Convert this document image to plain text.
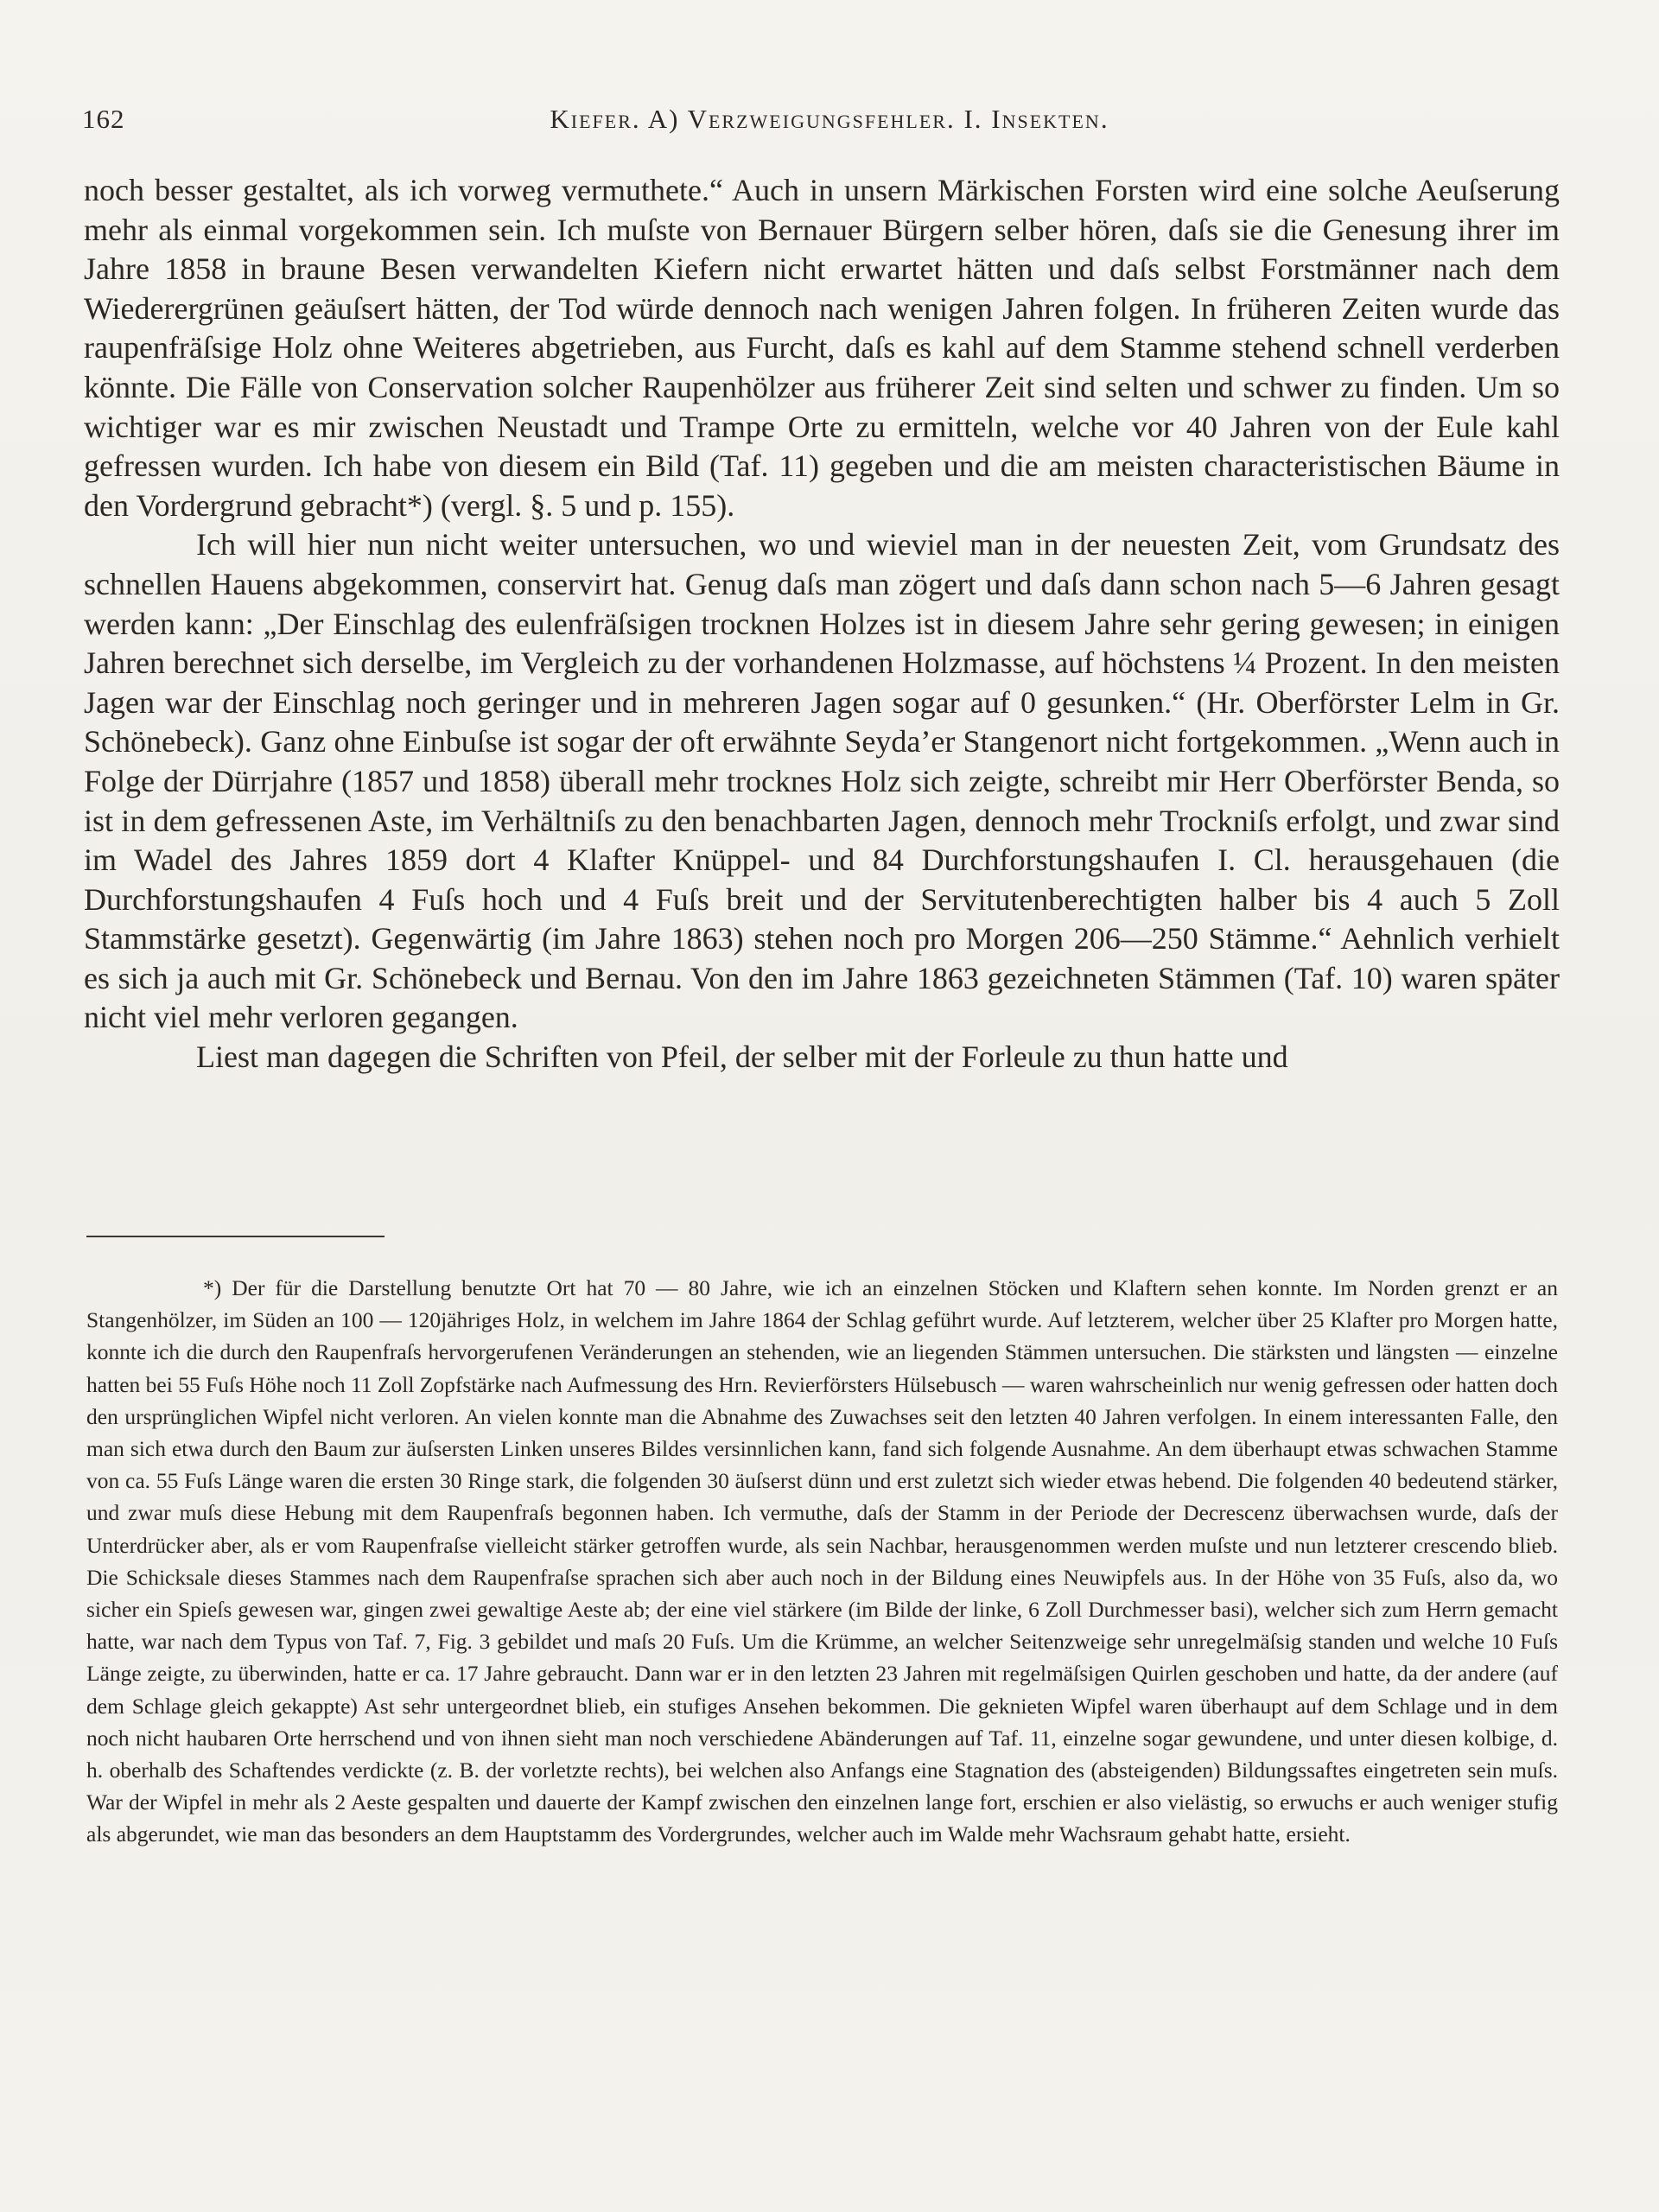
162	Kiefer. A) Verzweigungsfehler. I. Insekten.

noch besser gestaltet, als ich vorweg vermuthete.“ Auch in unsern Märkischen Forsten wird eine solche Aeuſserung mehr als einmal vorgekommen sein. Ich muſste von Bernauer Bürgern selber hören, daſs sie die Genesung ihrer im Jahre 1858 in braune Besen verwandelten Kiefern nicht erwartet hätten und daſs selbst Forstmänner nach dem Wiederergrünen geäuſsert hätten, der Tod würde dennoch nach wenigen Jahren folgen. In früheren Zeiten wurde das raupenfräſsige Holz ohne Weiteres abgetrieben, aus Furcht, daſs es kahl auf dem Stamme stehend schnell verderben könnte. Die Fälle von Conservation solcher Raupenhölzer aus früherer Zeit sind selten und schwer zu finden. Um so wichtiger war es mir zwischen Neustadt und Trampe Orte zu ermitteln, welche vor 40 Jahren von der Eule kahl gefressen wurden. Ich habe von diesem ein Bild (Taf. 11) gegeben und die am meisten characteristischen Bäume in den Vordergrund gebracht*) (vergl. §. 5 und p. 155).

Ich will hier nun nicht weiter untersuchen, wo und wieviel man in der neuesten Zeit, vom Grundsatz des schnellen Hauens abgekommen, conservirt hat. Genug daſs man zögert und daſs dann schon nach 5—6 Jahren gesagt werden kann: „Der Einschlag des eulenfräſsigen trocknen Holzes ist in diesem Jahre sehr gering gewesen; in einigen Jahren berechnet sich derselbe, im Vergleich zu der vorhandenen Holzmasse, auf höchstens ¼ Prozent. In den meisten Jagen war der Einschlag noch geringer und in mehreren Jagen sogar auf 0 gesunken.“ (Hr. Oberförster Lelm in Gr. Schönebeck). Ganz ohne Einbuſse ist sogar der oft erwähnte Seyda’er Stangenort nicht fortgekommen. „Wenn auch in Folge der Dürrjahre (1857 und 1858) überall mehr trocknes Holz sich zeigte, schreibt mir Herr Oberförster Benda, so ist in dem gefressenen Aste, im Verhältniſs zu den benachbarten Jagen, dennoch mehr Trockniſs erfolgt, und zwar sind im Wadel des Jahres 1859 dort 4 Klafter Knüppel- und 84 Durchforstungshaufen I. Cl. herausgehauen (die Durchforstungshaufen 4 Fuſs hoch und 4 Fuſs breit und der Servitutenberechtigten halber bis 4 auch 5 Zoll Stammstärke gesetzt). Gegenwärtig (im Jahre 1863) stehen noch pro Morgen 206—250 Stämme.“ Aehnlich verhielt es sich ja auch mit Gr. Schönebeck und Bernau. Von den im Jahre 1863 gezeichneten Stämmen (Taf. 10) waren später nicht viel mehr verloren gegangen.

Liest man dagegen die Schriften von Pfeil, der selber mit der Forleule zu thun hatte und

*) Der für die Darstellung benutzte Ort hat 70 — 80 Jahre, wie ich an einzelnen Stöcken und Klaftern sehen konnte. Im Norden grenzt er an Stangenhölzer, im Süden an 100 — 120jähriges Holz, in welchem im Jahre 1864 der Schlag geführt wurde. Auf letzterem, welcher über 25 Klafter pro Morgen hatte, konnte ich die durch den Raupenfraſs hervorgerufenen Veränderungen an stehenden, wie an liegenden Stämmen untersuchen. Die stärksten und längsten — einzelne hatten bei 55 Fuſs Höhe noch 11 Zoll Zopfstärke nach Aufmessung des Hrn. Revierförsters Hülsebusch — waren wahrscheinlich nur wenig gefressen oder hatten doch den ursprünglichen Wipfel nicht verloren. An vielen konnte man die Abnahme des Zuwachses seit den letzten 40 Jahren verfolgen. In einem interessanten Falle, den man sich etwa durch den Baum zur äuſsersten Linken unseres Bildes versinnlichen kann, fand sich folgende Ausnahme. An dem überhaupt etwas schwachen Stamme von ca. 55 Fuſs Länge waren die ersten 30 Ringe stark, die folgenden 30 äuſserst dünn und erst zuletzt sich wieder etwas hebend. Die folgenden 40 bedeutend stärker, und zwar muſs diese Hebung mit dem Raupenfraſs begonnen haben. Ich vermuthe, daſs der Stamm in der Periode der Decrescenz überwachsen wurde, daſs der Unterdrücker aber, als er vom Raupenfraſse vielleicht stärker getroffen wurde, als sein Nachbar, herausgenommen werden muſste und nun letzterer crescendo blieb. Die Schicksale dieses Stammes nach dem Raupenfraſse sprachen sich aber auch noch in der Bildung eines Neuwipfels aus. In der Höhe von 35 Fuſs, also da, wo sicher ein Spieſs gewesen war, gingen zwei gewaltige Aeste ab; der eine viel stärkere (im Bilde der linke, 6 Zoll Durchmesser basi), welcher sich zum Herrn gemacht hatte, war nach dem Typus von Taf. 7, Fig. 3 gebildet und maſs 20 Fuſs. Um die Krümme, an welcher Seitenzweige sehr unregelmäſsig standen und welche 10 Fuſs Länge zeigte, zu überwinden, hatte er ca. 17 Jahre gebraucht. Dann war er in den letzten 23 Jahren mit regelmäſsigen Quirlen geschoben und hatte, da der andere (auf dem Schlage gleich gekappte) Ast sehr untergeordnet blieb, ein stufiges Ansehen bekommen. Die geknieten Wipfel waren überhaupt auf dem Schlage und in dem noch nicht haubaren Orte herrschend und von ihnen sieht man noch verschiedene Abänderungen auf Taf. 11, einzelne sogar gewundene, und unter diesen kolbige, d. h. oberhalb des Schaftendes verdickte (z. B. der vorletzte rechts), bei welchen also Anfangs eine Stagnation des (absteigenden) Bildungssaftes eingetreten sein muſs. War der Wipfel in mehr als 2 Aeste gespalten und dauerte der Kampf zwischen den einzelnen lange fort, erschien er also vielästig, so erwuchs er auch weniger stufig als abgerundet, wie man das besonders an dem Hauptstamm des Vordergrundes, welcher auch im Walde mehr Wachsraum gehabt hatte, ersieht.
